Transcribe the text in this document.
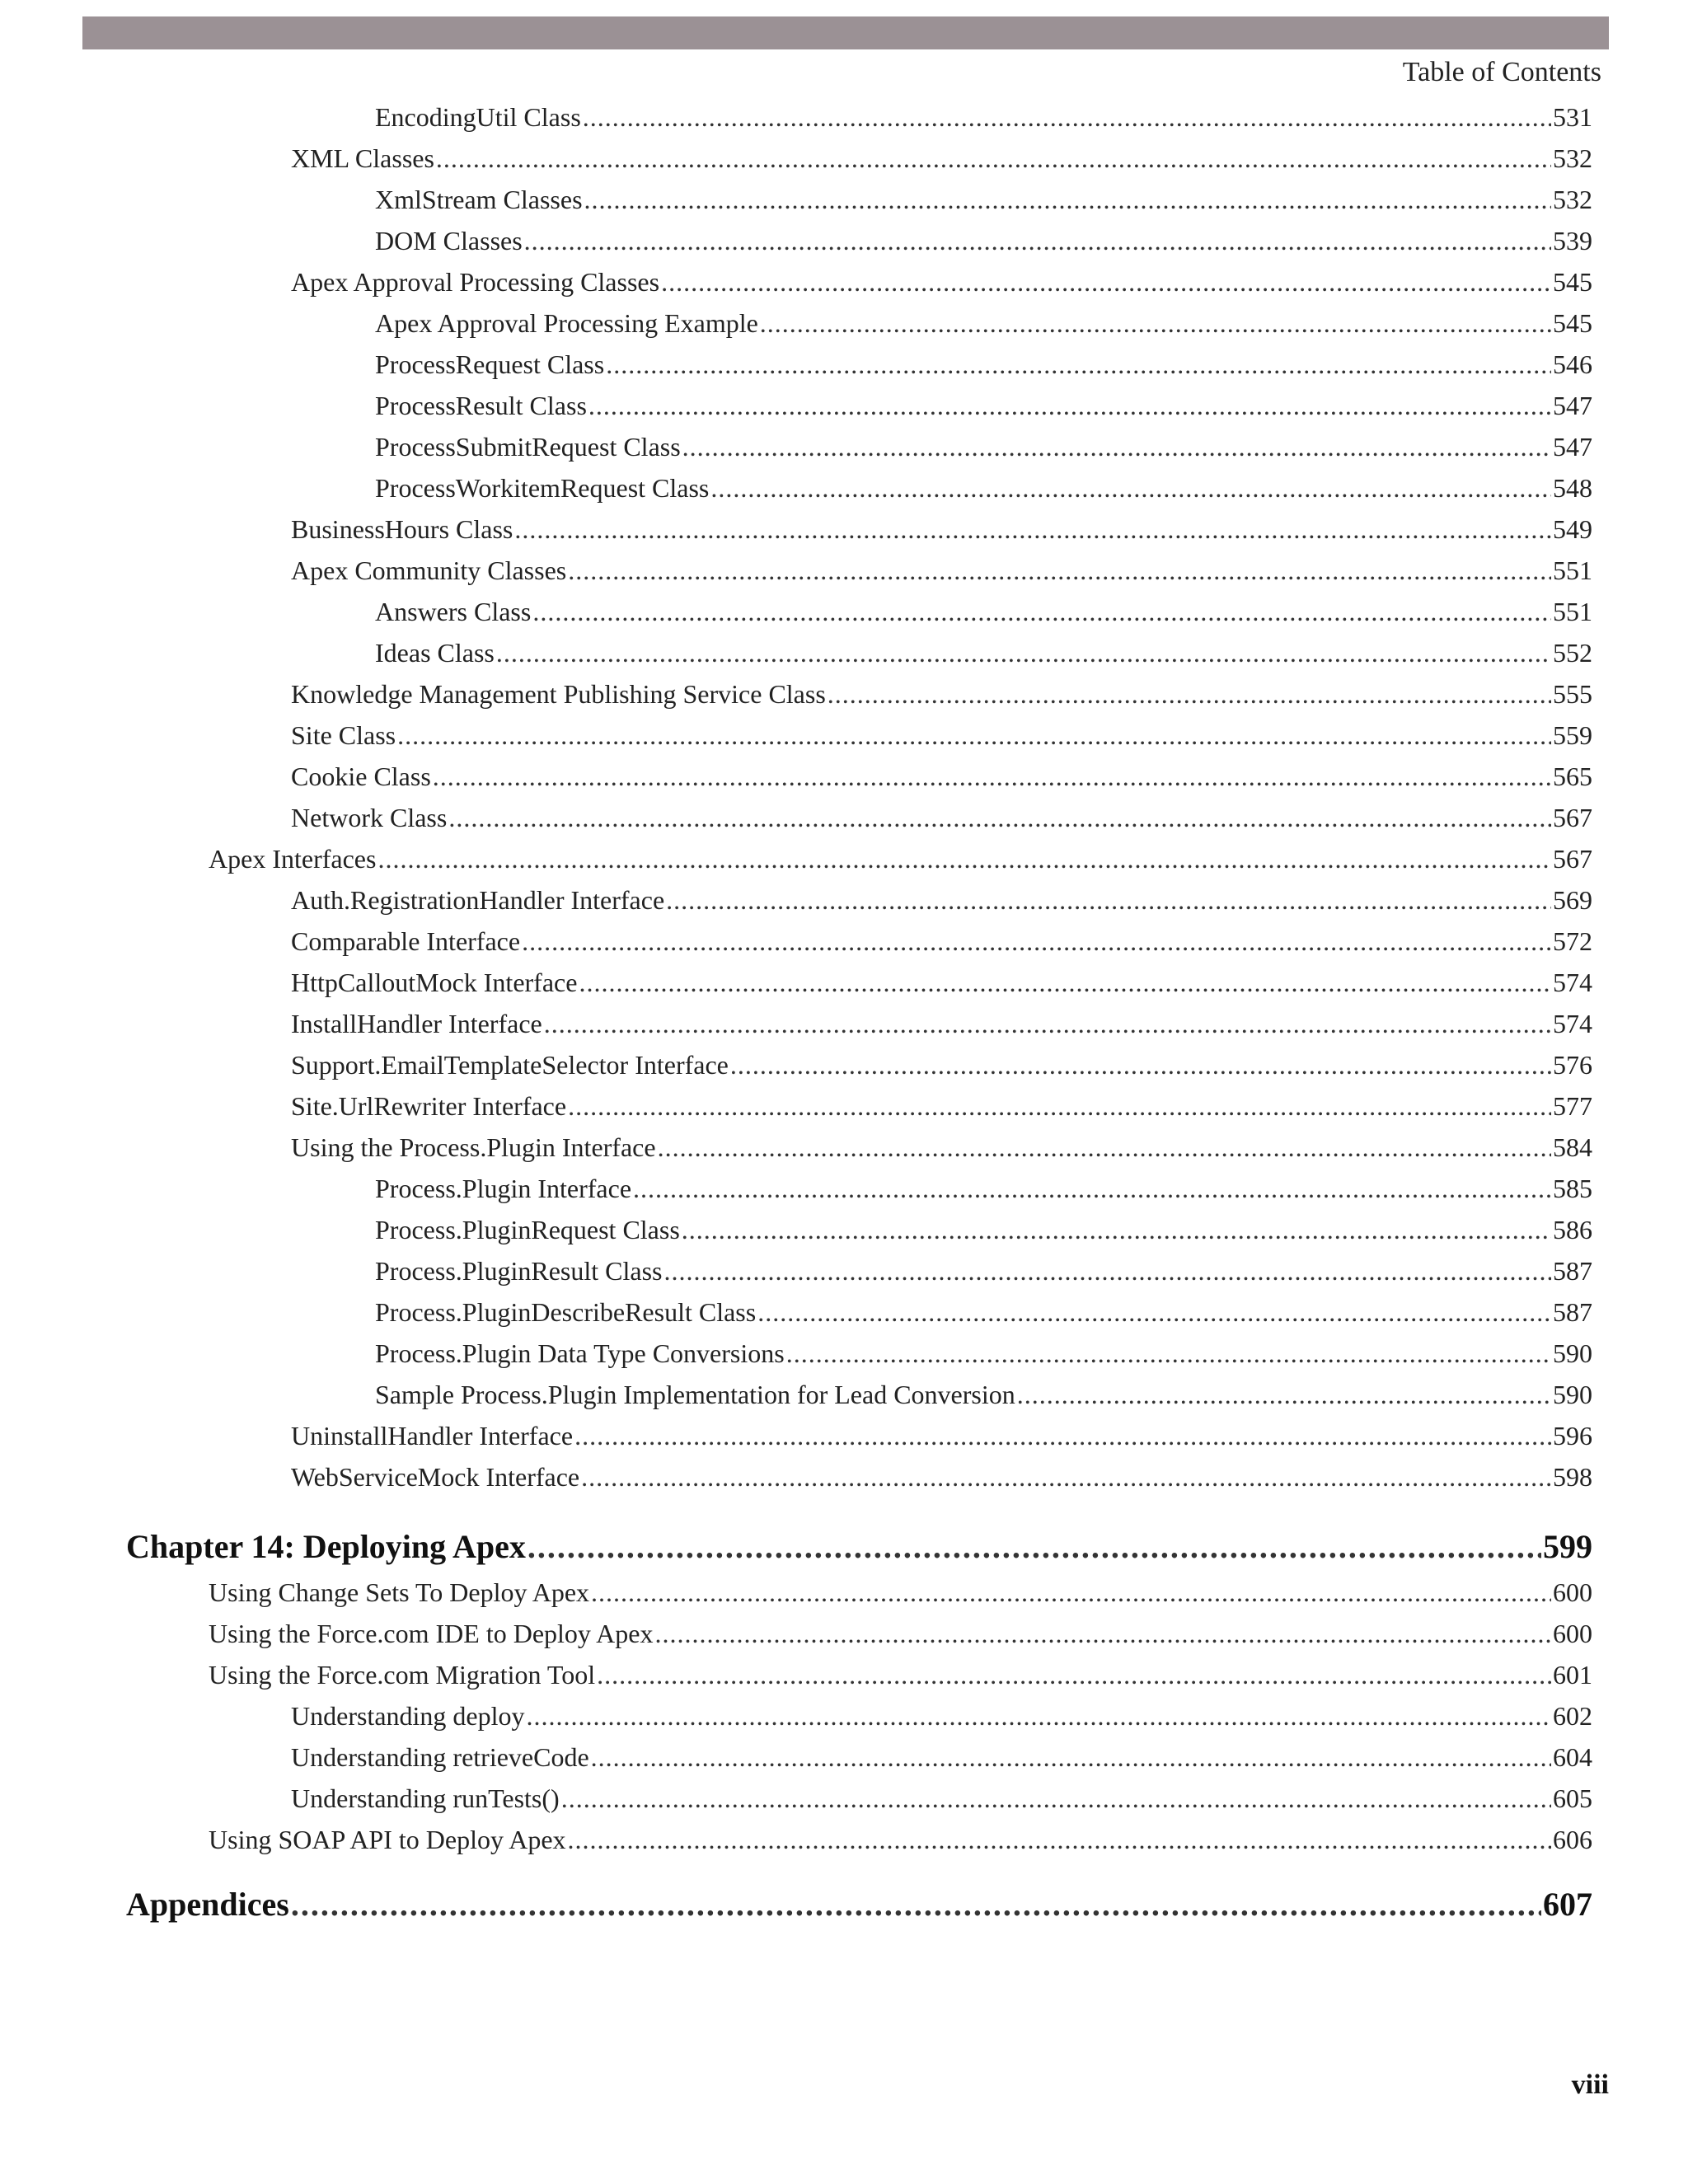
Table of Contents
EncodingUtil Class .....	531
XML Classes .....	532
XmlStream Classes .....	532
DOM Classes .....	539
Apex Approval Processing Classes .....	545
Apex Approval Processing Example .....	545
ProcessRequest Class .....	546
ProcessResult Class .....	547
ProcessSubmitRequest Class .....	547
ProcessWorkitemRequest Class .....	548
BusinessHours Class .....	549
Apex Community Classes .....	551
Answers Class .....	551
Ideas Class .....	552
Knowledge Management Publishing Service Class .....	555
Site Class .....	559
Cookie Class .....	565
Network Class .....	567
Apex Interfaces .....	567
Auth.RegistrationHandler Interface .....	569
Comparable Interface .....	572
HttpCalloutMock Interface .....	574
InstallHandler Interface .....	574
Support.EmailTemplateSelector Interface .....	576
Site.UrlRewriter Interface .....	577
Using the Process.Plugin Interface .....	584
Process.Plugin Interface .....	585
Process.PluginRequest Class .....	586
Process.PluginResult Class .....	587
Process.PluginDescribeResult Class .....	587
Process.Plugin Data Type Conversions .....	590
Sample Process.Plugin Implementation for Lead Conversion .....	590
UninstallHandler Interface .....	596
WebServiceMock Interface .....	598
Chapter 14: Deploying Apex .....	599
Using Change Sets To Deploy Apex .....	600
Using the Force.com IDE to Deploy Apex .....	600
Using the Force.com Migration Tool .....	601
Understanding deploy .....	602
Understanding retrieveCode .....	604
Understanding runTests() .....	605
Using SOAP API to Deploy Apex .....	606
Appendices .....	607
viii
